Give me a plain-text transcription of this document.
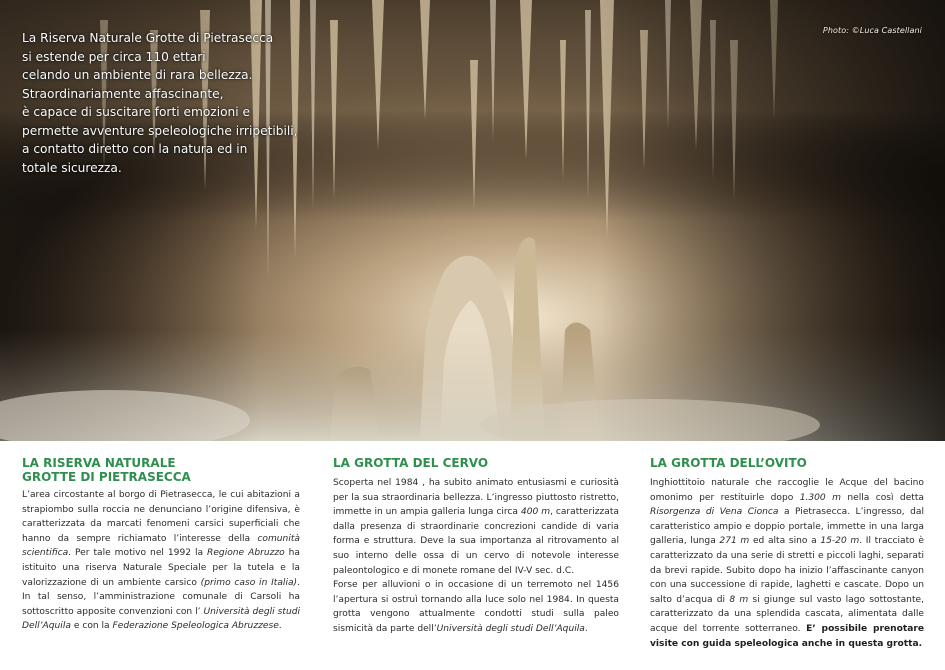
La Riserva Naturale Grotte di Pietrasecca
si estende per circa 110 ettari
celando un ambiente di rara bellezza.
Straordinariamente affascinante,
è capace di suscitare forti emozioni e
permette avventure speleologiche irripetibili,
a contatto diretto con la natura ed in
totale sicurezza.
Photo: ©Luca Castellani
LA RISERVA NATURALE
GROTTE DI PIETRASECCA

L’area circostante al borgo di Pietrasecca, le cui abitazioni a strapiombo sulla roccia ne denunciano l’origine difensiva, è caratterizzata da marcati fenomeni carsici superficiali che hanno da sempre richiamato l’interesse della comunità scientifica. Per tale motivo nel 1992 la Regione Abruzzo ha istituito una riserva Naturale Speciale per la tutela e la valorizzazione di un ambiente carsico (primo caso in Italia). In tal senso, l’amministrazione comunale di Carsoli ha sottoscritto apposite convenzioni con l’ Università degli studi Dell’Aquila e con la Federazione Speleologica Abruzzese.

LA GROTTA DEL CERVO

Scoperta nel 1984 , ha subito animato entusiasmi e curiosità per la sua straordinaria bellezza. L’ingresso piuttosto ristretto, immette in un ampia galleria lunga circa 400 m, caratterizzata dalla presenza di straordinarie concrezioni candide di varia forma e struttura. Deve la sua importanza al ritrovamento al suo interno delle ossa di un cervo di notevole interesse paleontologico e di monete romane del IV-V sec. d.C.

Forse per alluvioni o in occasione di un terremoto nel 1456 l’apertura si ostruì tornando alla luce solo nel 1984. In questa grotta vengono attualmente condotti studi sulla paleo sismicità da parte dell’Università degli studi Dell’Aquila.

LA GROTTA DELL’OVITO

Inghiottitoio naturale che raccoglie le Acque del bacino omonimo per restituirle dopo 1.300 m nella così detta Risorgenza di Vena Cionca a Pietrasecca. L’ingresso, dal caratteristico ampio e doppio portale, immette in una larga galleria, lunga 271 m ed alta sino a 15-20 m. Il tracciato è caratterizzato da una serie di stretti e piccoli laghi, separati da brevi rapide. Subito dopo ha inizio l’affascinante canyon con una successione di rapide, laghetti e cascate. Dopo un salto d’acqua di 8 m si giunge sul vasto lago sottostante, caratterizzato da una splendida cascata, alimentata dalle acque del torrente sotterraneo. E’ possibile prenotare visite con guida speleologica anche in questa grotta.
